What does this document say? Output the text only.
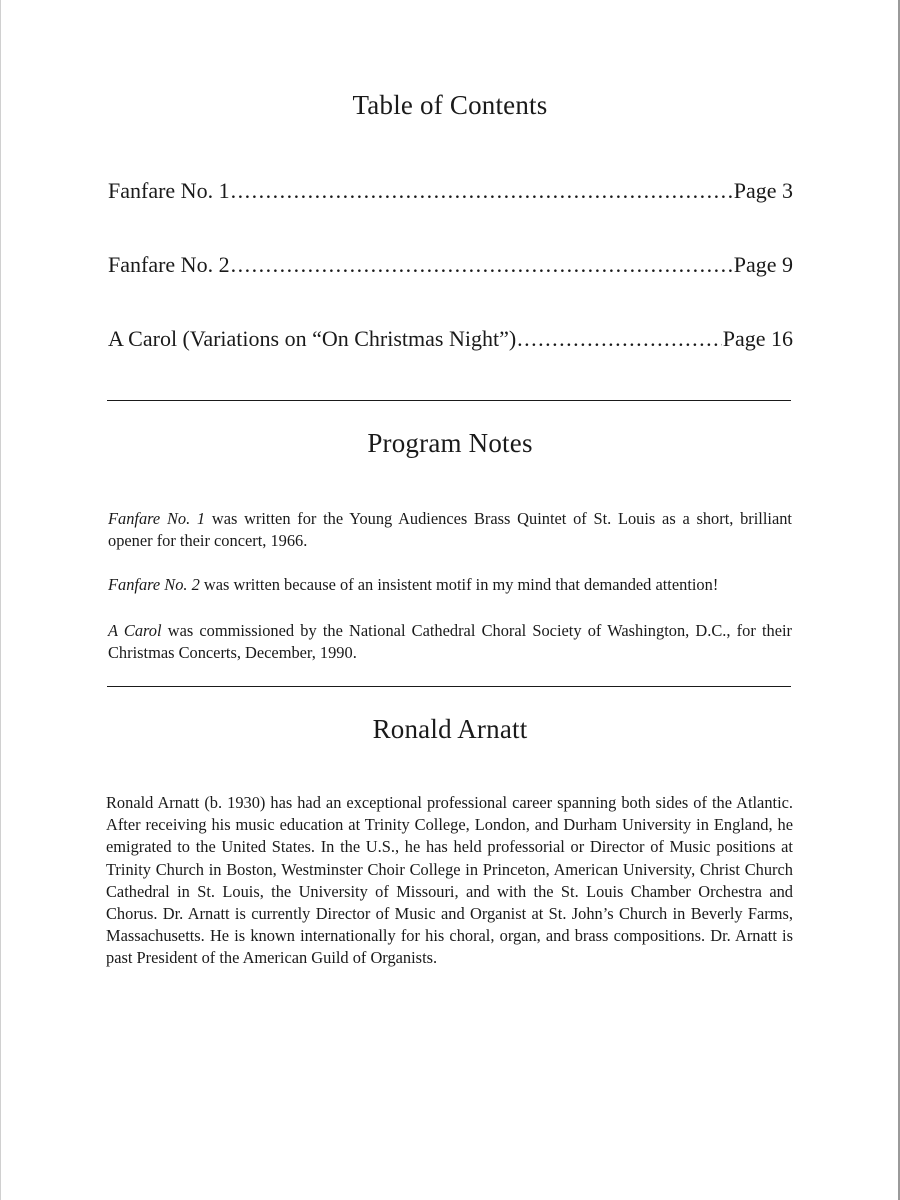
Table of Contents
Fanfare No. 1 .....	Page 3
Fanfare No. 2 .....	Page 9
A Carol (Variations on “On Christmas Night”) .....	Page 16
Program Notes

Fanfare No. 1 was written for the Young Audiences Brass Quintet of St. Louis as a short, brilliant opener for their concert, 1966.

Fanfare No. 2 was written because of an insistent motif in my mind that demanded attention!

A Carol was commissioned by the National Cathedral Choral Society of Washington, D.C., for their Christmas Concerts, December, 1990.

Ronald Arnatt

Ronald Arnatt (b. 1930) has had an exceptional professional career spanning both sides of the Atlantic. After receiving his music education at Trinity College, London, and Durham University in England, he emigrated to the United States. In the U.S., he has held professorial or Director of Music positions at Trinity Church in Boston, Westminster Choir College in Princeton, American University, Christ Church Cathedral in St. Louis, the University of Missouri, and with the St. Louis Chamber Orchestra and Chorus. Dr. Arnatt is currently Director of Music and Organist at St. John’s Church in Beverly Farms, Massachusetts. He is known internationally for his choral, organ, and brass compositions. Dr. Arnatt is past President of the American Guild of Organists.
